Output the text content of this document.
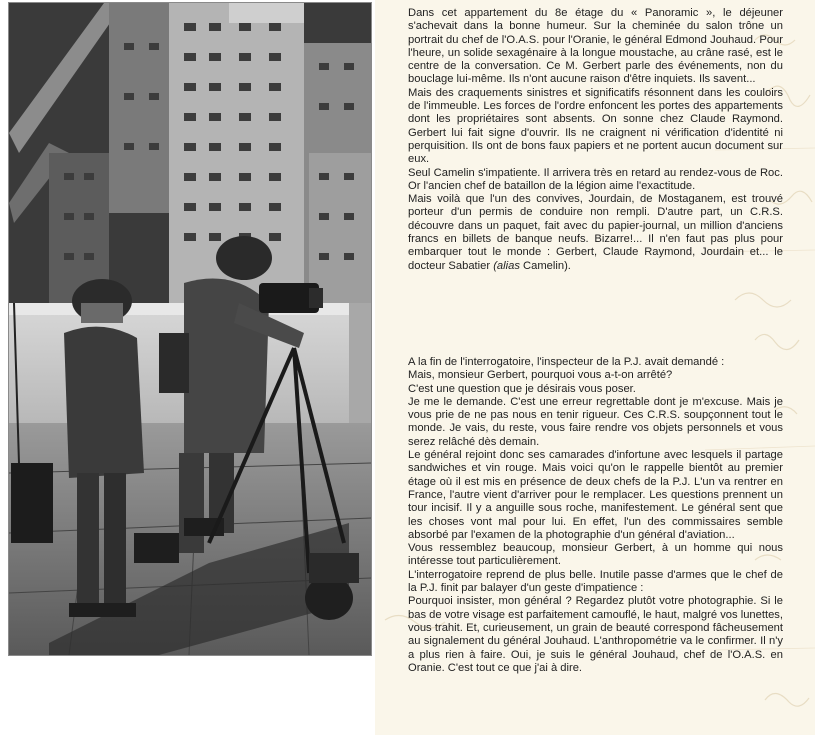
Dans cet appartement du 8e étage du « Panoramic », le déjeuner s'achevait dans la bonne humeur. Sur la cheminée du salon trône un portrait du chef de l'O.A.S. pour l'Oranie, le général Edmond Jouhaud. Pour l'heure, un solide sexagénaire à la longue moustache, au crâne rasé, est le centre de la conversation. Ce M. Gerbert parle des événements, non du bouclage lui-même. Ils n'ont aucune raison d'être inquiets. Ils savent...

Mais des craquements sinistres et significatifs résonnent dans les couloirs de l'immeuble. Les forces de l'ordre enfoncent les portes des appartements dont les propriétaires sont absents. On sonne chez Claude Raymond. Gerbert lui fait signe d'ouvrir. Ils ne craignent ni vérification d'identité ni perquisition. Ils ont de bons faux papiers et ne portent aucun document sur eux.

Seul Camelin s'impatiente. Il arrivera très en retard au rendez-vous de Roc. Or l'ancien chef de bataillon de la légion aime l'exactitude.

Mais voilà que l'un des convives, Jourdain, de Mostaganem, est trouvé porteur d'un permis de conduire non rempli. D'autre part, un C.R.S. découvre dans un paquet, fait avec du papier-journal, un million d'anciens francs en billets de banque neufs. Bizarre!... Il n'en faut pas plus pour embarquer tout le monde : Gerbert, Claude Raymond, Jourdain et... le docteur Sabatier (alias Camelin).

A la fin de l'interrogatoire, l'inspecteur de la P.J. avait demandé :

Mais, monsieur Gerbert, pourquoi vous a-t-on arrêté?

C'est une question que je désirais vous poser.

Je me le demande. C'est une erreur regrettable dont je m'excuse. Mais je vous prie de ne pas nous en tenir rigueur. Ces C.R.S. soupçonnent tout le monde. Je vais, du reste, vous faire rendre vos objets personnels et vous serez relâché dès demain.

Le général rejoint donc ses camarades d'infortune avec lesquels il partage sandwiches et vin rouge. Mais voici qu'on le rappelle bientôt au premier étage où il est mis en présence de deux chefs de la P.J. L'un va rentrer en France, l'autre vient d'arriver pour le remplacer. Les questions prennent un tour incisif. Il y a anguille sous roche, manifestement. Le général sent que les choses vont mal pour lui. En effet, l'un des commissaires semble absorbé par l'examen de la photographie d'un général d'aviation...

Vous ressemblez beaucoup, monsieur Gerbert, à un homme qui nous intéresse tout particulièrement.

L'interrogatoire reprend de plus belle. Inutile passe d'armes que le chef de la P.J. finit par balayer d'un geste d'impatience :

Pourquoi insister, mon général ? Regardez plutôt votre photographie. Si le bas de votre visage est parfaitement camouflé, le haut, malgré vos lunettes, vous trahit. Et, curieusement, un grain de beauté correspond fâcheusement au signalement du général Jouhaud. L'anthropométrie va le confirmer. Il n'y a plus rien à faire. Oui, je suis le général Jouhaud, chef de l'O.A.S. en Oranie. C'est tout ce que j'ai à dire.
